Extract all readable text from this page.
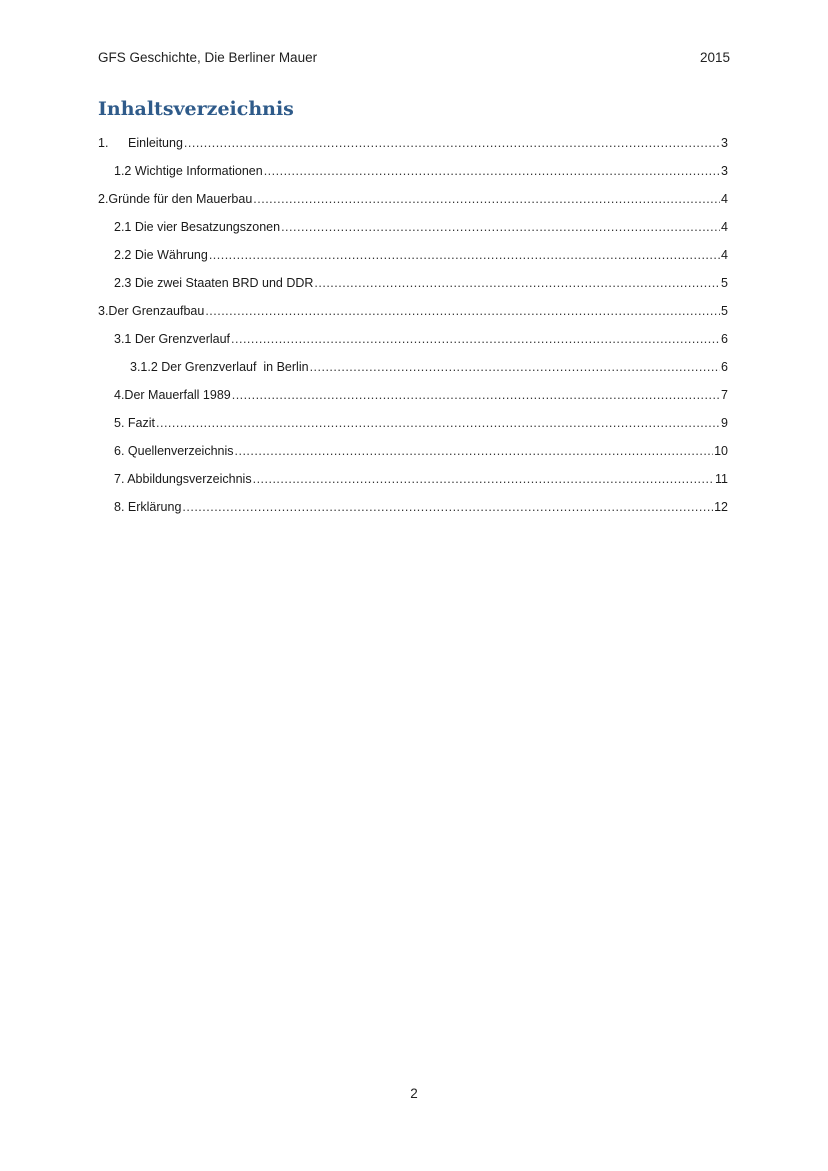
GFS Geschichte, Die Berliner Mauer	2015
Inhaltsverzeichnis
1.	Einleitung .....	3
1.2 Wichtige Informationen .....	3
2.Gründe für den Mauerbau .....	4
2.1 Die vier Besatzungszonen .....	4
2.2 Die Währung .....	4
2.3 Die zwei Staaten BRD und DDR .....	5
3.Der Grenzaufbau .....	5
3.1 Der Grenzverlauf .....	6
3.1.2 Der Grenzverlauf  in Berlin .....	6
4.Der Mauerfall 1989 .....	7
5. Fazit .....	9
6. Quellenverzeichnis .....	10
7. Abbildungsverzeichnis .....	11
8. Erklärung .....	12
2
